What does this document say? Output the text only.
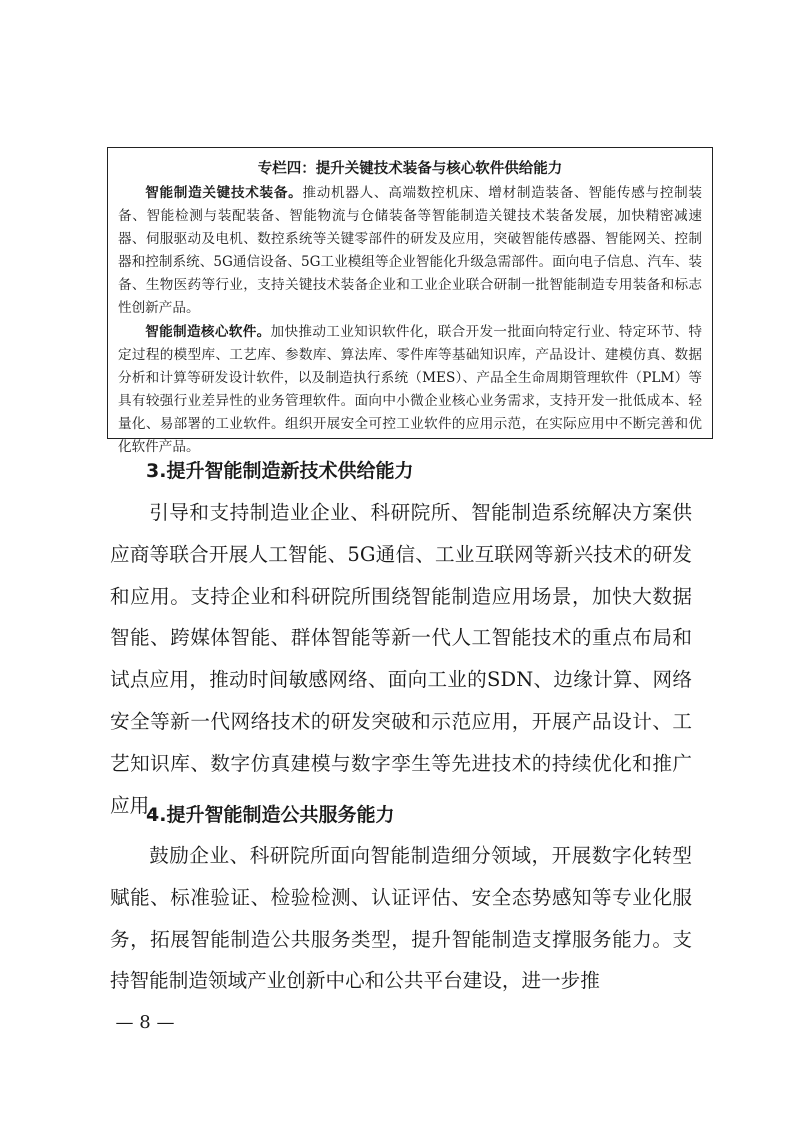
专栏四：提升关键技术装备与核心软件供给能力

智能制造关键技术装备。推动机器人、高端数控机床、增材制造装备、智能传感与控制装备、智能检测与装配装备、智能物流与仓储装备等智能制造关键技术装备发展，加快精密减速器、伺服驱动及电机、数控系统等关键零部件的研发及应用，突破智能传感器、智能网关、控制器和控制系统、5G通信设备、5G工业模组等企业智能化升级急需部件。面向电子信息、汽车、装备、生物医药等行业，支持关键技术装备企业和工业企业联合研制一批智能制造专用装备和标志性创新产品。

智能制造核心软件。加快推动工业知识软件化，联合开发一批面向特定行业、特定环节、特定过程的模型库、工艺库、参数库、算法库、零件库等基础知识库，产品设计、建模仿真、数据分析和计算等研发设计软件，以及制造执行系统（MES）、产品全生命周期管理软件（PLM）等具有较强行业差异性的业务管理软件。面向中小微企业核心业务需求，支持开发一批低成本、轻量化、易部署的工业软件。组织开展安全可控工业软件的应用示范，在实际应用中不断完善和优化软件产品。

3.提升智能制造新技术供给能力

引导和支持制造业企业、科研院所、智能制造系统解决方案供应商等联合开展人工智能、5G通信、工业互联网等新兴技术的研发和应用。支持企业和科研院所围绕智能制造应用场景，加快大数据智能、跨媒体智能、群体智能等新一代人工智能技术的重点布局和试点应用，推动时间敏感网络、面向工业的SDN、边缘计算、网络安全等新一代网络技术的研发突破和示范应用，开展产品设计、工艺知识库、数字仿真建模与数字孪生等先进技术的持续优化和推广应用。

4.提升智能制造公共服务能力

鼓励企业、科研院所面向智能制造细分领域，开展数字化转型赋能、标准验证、检验检测、认证评估、安全态势感知等专业化服务，拓展智能制造公共服务类型，提升智能制造支撑服务能力。支持智能制造领域产业创新中心和公共平台建设，进一步推

— 8 —
